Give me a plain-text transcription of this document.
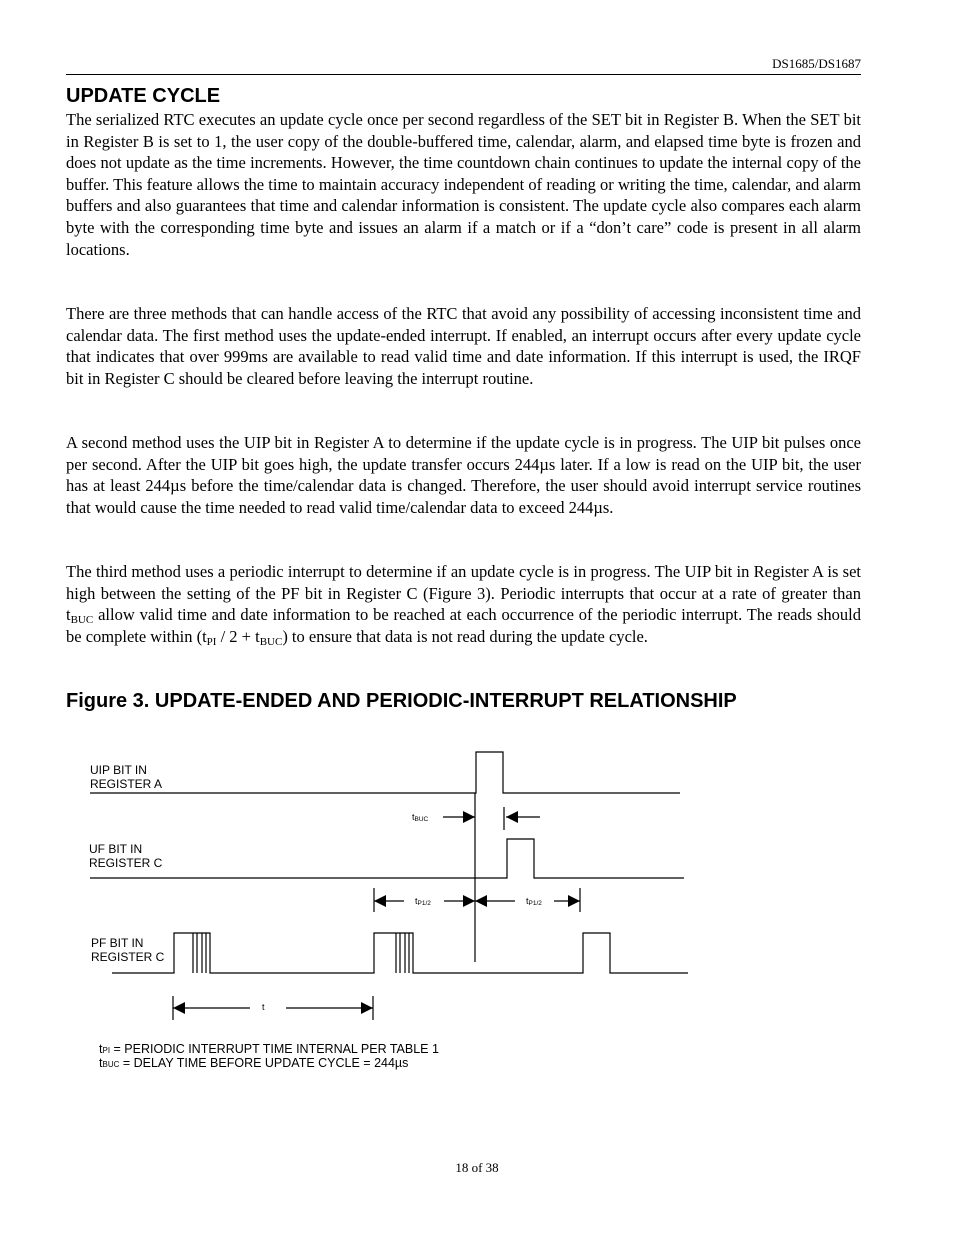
DS1685/DS1687
UPDATE CYCLE

The serialized RTC executes an update cycle once per second regardless of the SET bit in Register B. When the SET bit in Register B is set to 1, the user copy of the double-buffered time, calendar, alarm, and elapsed time byte is frozen and does not update as the time increments. However, the time countdown chain continues to update the internal copy of the buffer. This feature allows the time to maintain accuracy independent of reading or writing the time, calendar, and alarm buffers and also guarantees that time and calendar information is consistent. The update cycle also compares each alarm byte with the corresponding time byte and issues an alarm if a match or if a “don’t care” code is present in all alarm locations.

There are three methods that can handle access of the RTC that avoid any possibility of accessing inconsistent time and calendar data. The first method uses the update-ended interrupt. If enabled, an interrupt occurs after every update cycle that indicates that over 999ms are available to read valid time and date information. If this interrupt is used, the IRQF bit in Register C should be cleared before leaving the interrupt routine.

A second method uses the UIP bit in Register A to determine if the update cycle is in progress. The UIP bit pulses once per second. After the UIP bit goes high, the update transfer occurs 244µs later. If a low is read on the UIP bit, the user has at least 244µs before the time/calendar data is changed. Therefore, the user should avoid interrupt service routines that would cause the time needed to read valid time/calendar data to exceed 244µs.

The third method uses a periodic interrupt to determine if an update cycle is in progress. The UIP bit in Register A is set high between the setting of the PF bit in Register C (Figure 3). Periodic interrupts that occur at a rate of greater than $t_{BUC}$ allow valid time and date information to be reached at each occurrence of the periodic interrupt. The reads should be complete within $(t_{PI} / 2 + t_{BUC})$ to ensure that data is not read during the update cycle.

Figure 3. UPDATE-ENDED AND PERIODIC-INTERRUPT RELATIONSHIP
UIP BIT IN
REGISTER A
UF BIT IN
REGISTER C
PF BIT IN
REGISTER C
tBUC
tP1/2	tP1/2
t
tPI = PERIODIC INTERRUPT TIME INTERNAL PER TABLE 1
tBUC = DELAY TIME BEFORE UPDATE CYCLE = 244µs
18 of 38
